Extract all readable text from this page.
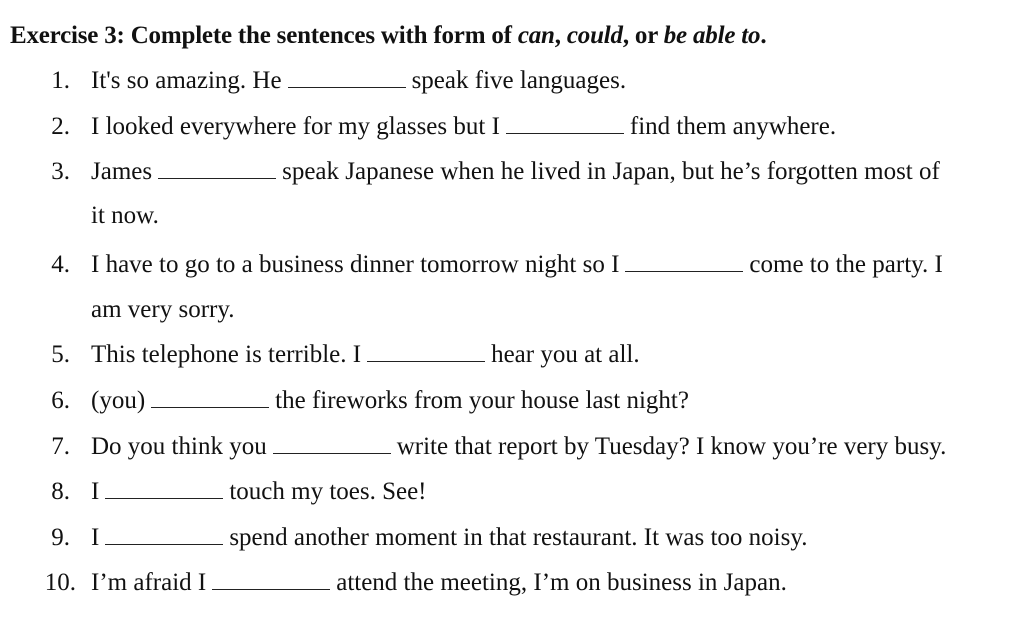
Exercise 3: Complete the sentences with form of can, could, or be able to.
1. It's so amazing. He	speak five languages.
2. I looked everywhere for my glasses but I	find them anywhere.
3. James	speak Japanese when he lived in Japan, but he’s forgotten most of
it now.
4. I have to go to a business dinner tomorrow night so I	come to the party. I
am very sorry.
5. This telephone is terrible. I	hear you at all.
6. (you)	the fireworks from your house last night?
7. Do you think you	write that report by Tuesday? I know you’re very busy.
8. I	touch my toes. See!
9. I	spend another moment in that restaurant. It was too noisy.
10. I’m afraid I	attend the meeting, I’m on business in Japan.
